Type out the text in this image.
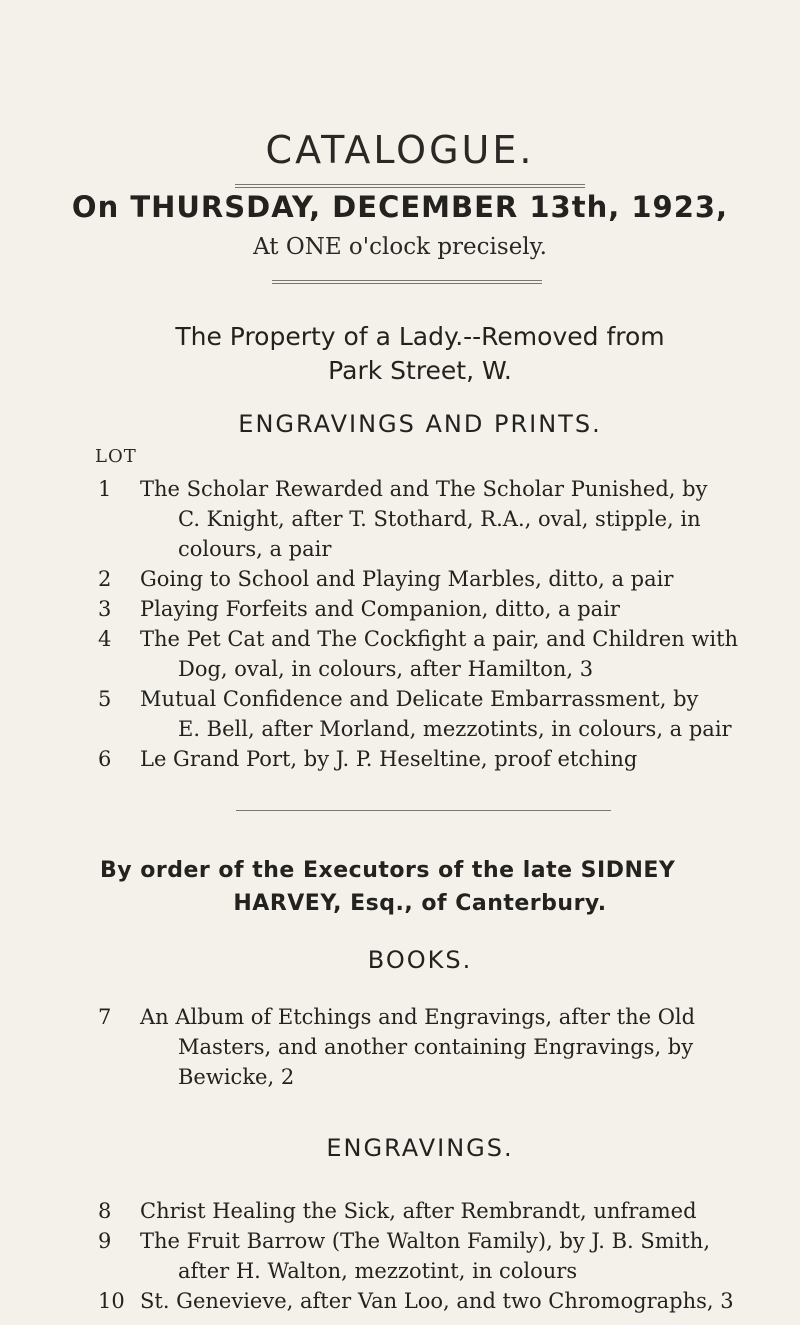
CATALOGUE.
On THURSDAY, DECEMBER 13th, 1923,
At ONE o'clock precisely.
The Property of a Lady.--Removed from
Park Street, W.
ENGRAVINGS AND PRINTS.
LOT
1	The Scholar Rewarded and The Scholar Punished, by
C. Knight, after T. Stothard, R.A., oval, stipple, in
colours, a pair
2	Going to School and Playing Marbles, ditto, a pair
3	Playing Forfeits and Companion, ditto, a pair
4	The Pet Cat and The Cockfight a pair, and Children with
Dog, oval, in colours, after Hamilton, 3
5	Mutual Confidence and Delicate Embarrassment, by
E. Bell, after Morland, mezzotints, in colours, a pair
6	Le Grand Port, by J. P. Heseltine, proof etching
By order of the Executors of the late SIDNEY
HARVEY, Esq., of Canterbury.
BOOKS.
7	An Album of Etchings and Engravings, after the Old
Masters, and another containing Engravings, by
Bewicke, 2
ENGRAVINGS.
8	Christ Healing the Sick, after Rembrandt, unframed
9	The Fruit Barrow (The Walton Family), by J. B. Smith,
after H. Walton, mezzotint, in colours
10 St. Genevieve, after Van Loo, and two Chromographs, 3
